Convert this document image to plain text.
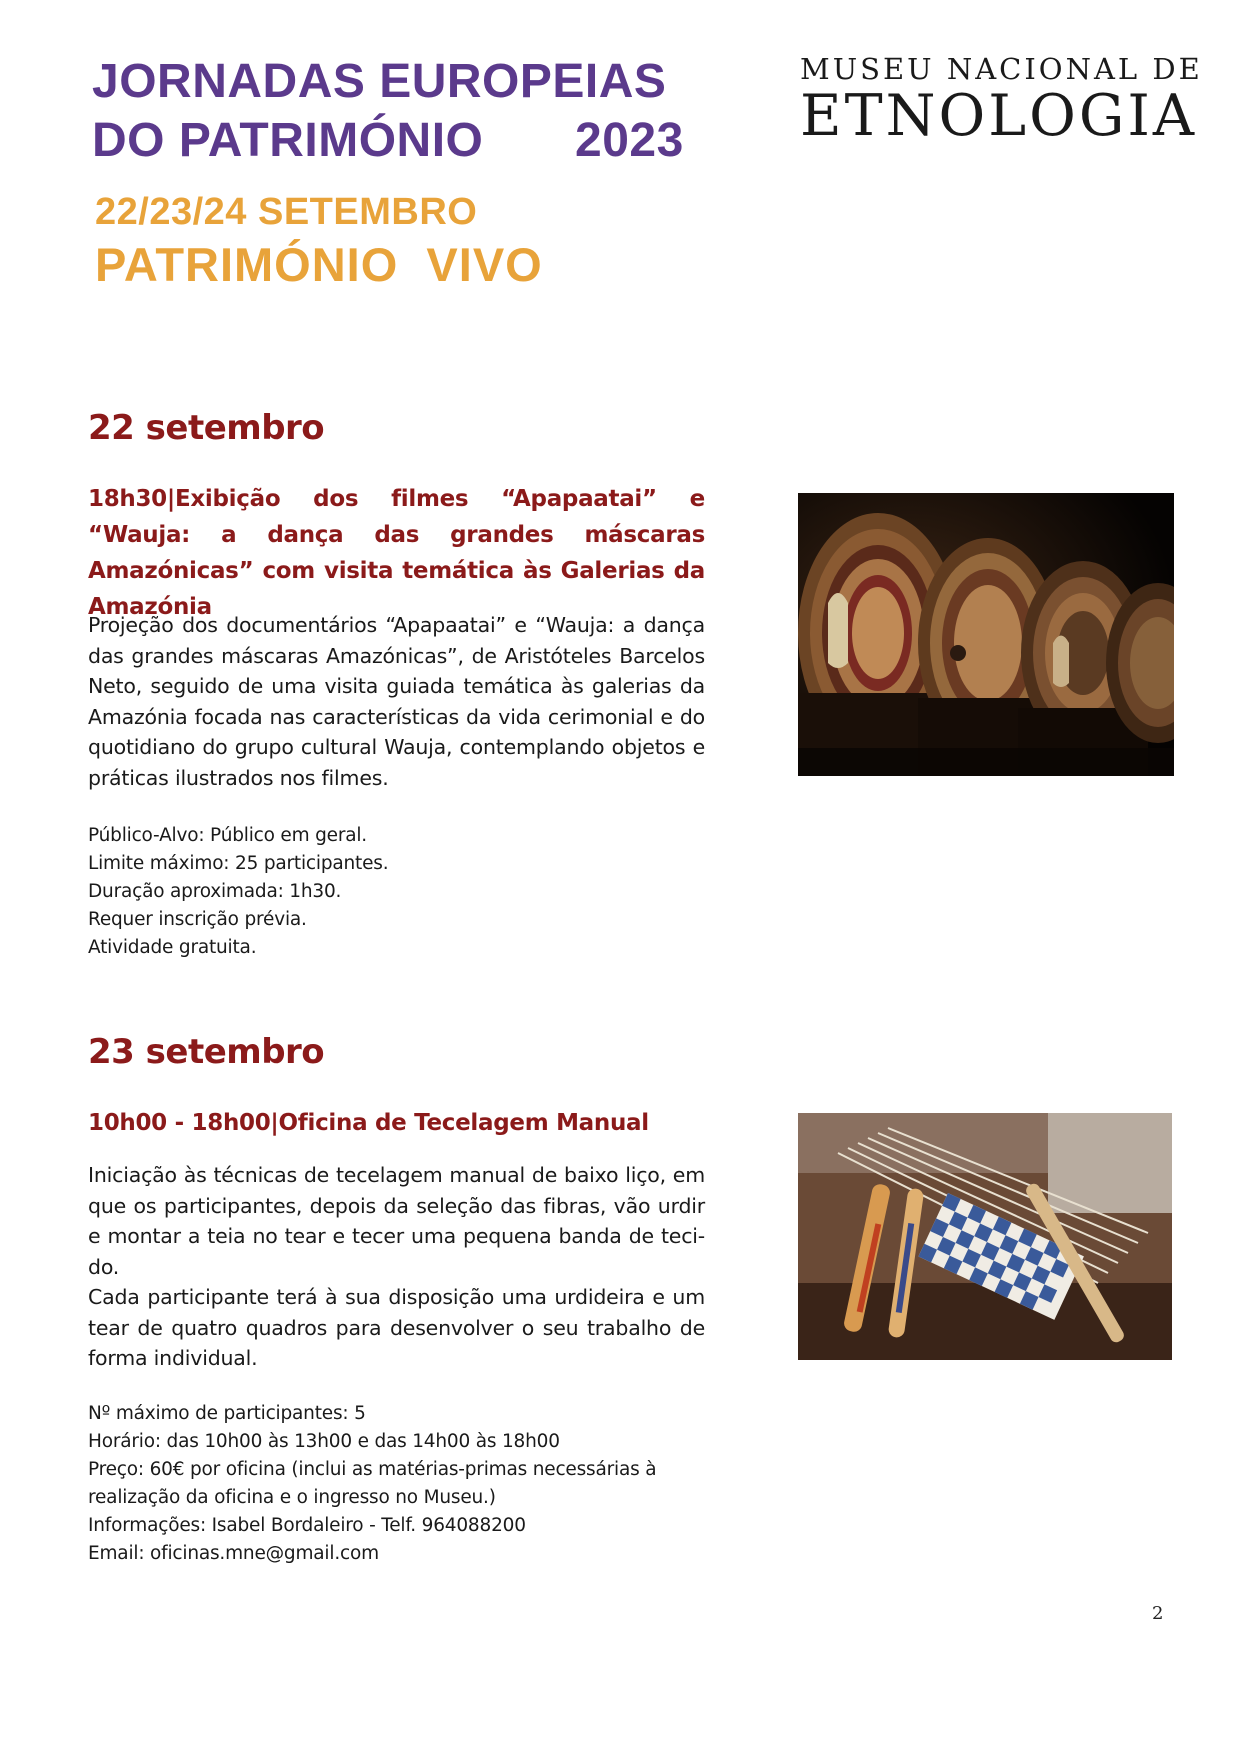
JORNADAS EUROPEIAS
DO PATRIMÓNIO 2023
22/23/24 SETEMBRO
PATRIMÓNIO  VIVO
MUSEU NACIONAL DE
ETNOLOGIA
22 setembro
18h30|Exibição dos filmes “Apapaatai” e “Wauja: a dança das grandes máscaras Amazónicas” com visita temática às Galerias da Amazónia
Projeção dos documentários “Apapaatai” e “Wauja: a dança das grandes máscaras Amazónicas”, de Aristóteles Barcelos Neto, seguido de uma visita guiada temática às galerias da Amazónia focada nas características da vida cerimonial e do quotidiano do grupo cultural Wauja, contemplando objetos e práticas ilustrados nos filmes.
Público-Alvo: Público em geral.
Limite máximo: 25 participantes.
Duração aproximada: 1h30.
Requer inscrição prévia.
Atividade gratuita.
23 setembro
10h00 - 18h00|Oficina de Tecelagem Manual
Iniciação às técnicas de tecelagem manual de baixo liço, em que os participantes, depois da seleção das fibras, vão urdir e montar a teia no tear e tecer uma pequena banda de teci-do.
Cada participante terá à sua disposição uma urdideira e um tear de quatro quadros para desenvolver o seu trabalho de forma individual.
Nº máximo de participantes: 5
Horário: das 10h00 às 13h00 e das 14h00 às 18h00
Preço: 60€ por oficina (inclui as matérias-primas necessárias à
realização da oficina e o ingresso no Museu.)
Informações: Isabel Bordaleiro - Telf. 964088200
Email: oficinas.mne@gmail.com
2
